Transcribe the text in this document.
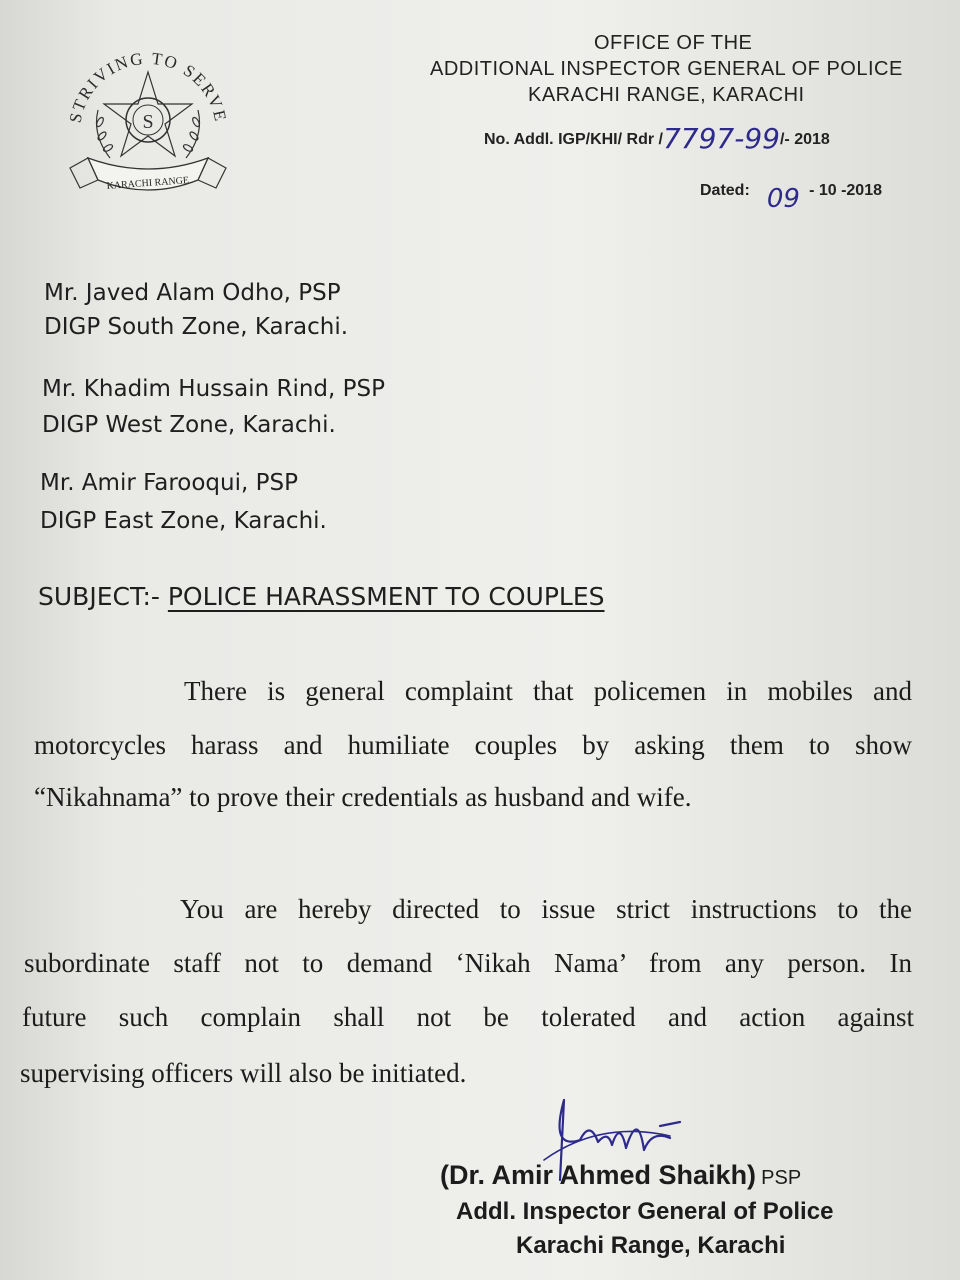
STRIVING TO SERVE
S
KARACHI RANGE
OFFICE OF THE
ADDITIONAL INSPECTOR GENERAL OF POLICE
KARACHI RANGE, KARACHI
No. Addl. IGP/KHI/ Rdr /7797-99/- 2018
Dated: 09 - 10 -2018
Mr. Javed Alam Odho, PSP
DIGP South Zone, Karachi.
Mr. Khadim Hussain Rind, PSP
DIGP West Zone, Karachi.
Mr. Amir Farooqui, PSP
DIGP East Zone, Karachi.
SUBJECT:- POLICE HARASSMENT TO COUPLES
There is general complaint that policemen in mobiles and
motorcycles harass and humiliate couples by asking them to show
“Nikahnama” to prove their credentials as husband and wife.
You are hereby directed to issue strict instructions to the
subordinate staff not to demand ‘Nikah Nama’ from any person. In
future such complain shall not be tolerated and action against
supervising officers will also be initiated.
(Dr. Amir Ahmed Shaikh) PSP
Addl. Inspector General of Police
Karachi Range, Karachi
